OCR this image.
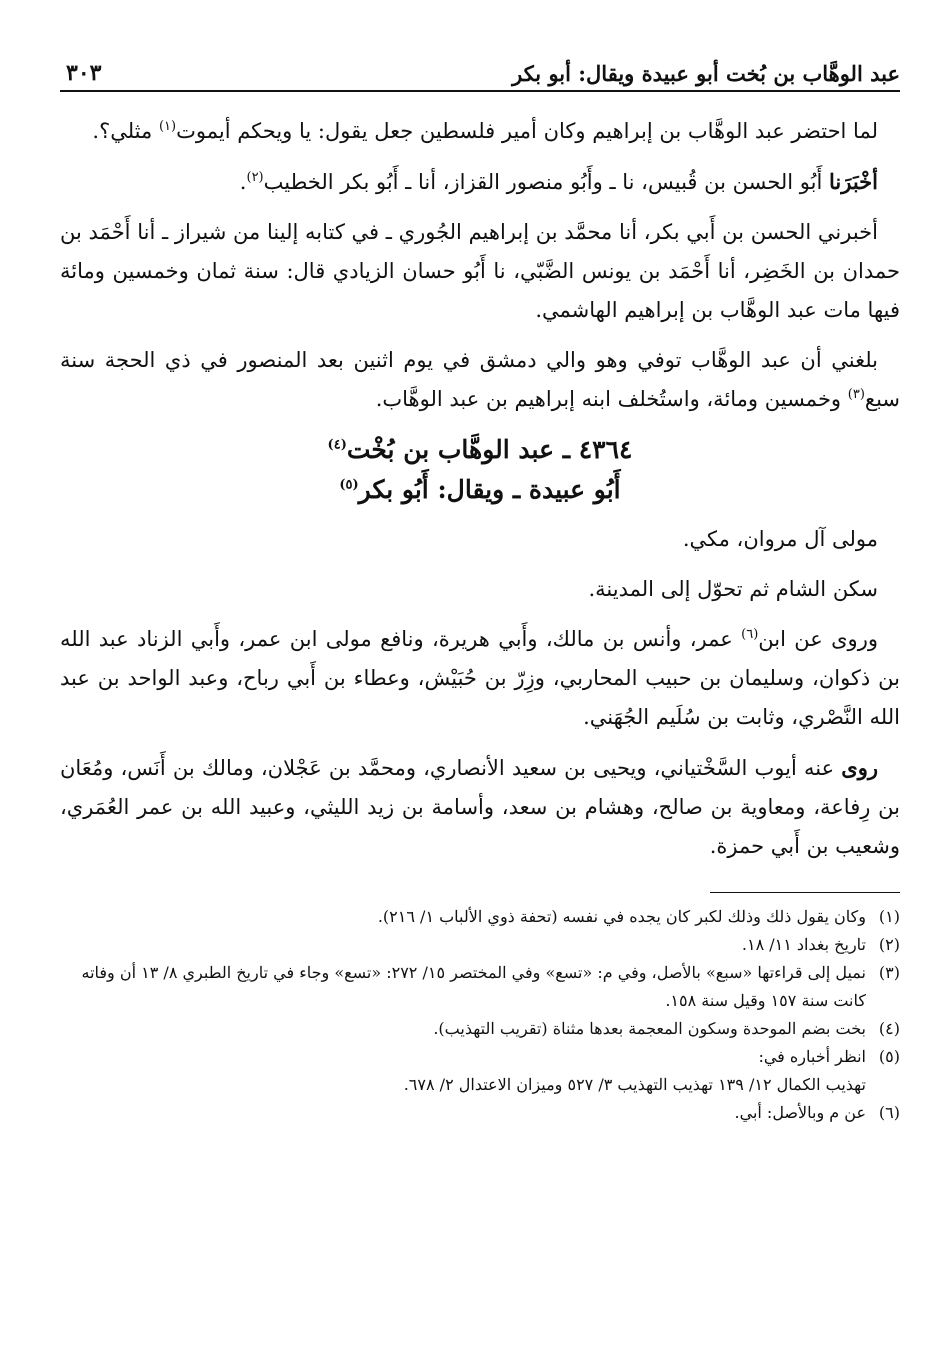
عبد الوهَّاب بن بُخت أبو عبيدة ويقال: أبو بكر
٣٠٣

لما احتضر عبد الوهَّاب بن إبراهيم وكان أمير فلسطين جعل يقول: يا ويحكم أيموت$^{(١)}$ مثلي؟.

أخْبَرَنا أَبُو الحسن بن قُبيس، نا ـ وأَبُو منصور القزاز، أنا ـ أَبُو بكر الخطيب$^{(٢)}$.

أخبرني الحسن بن أَبي بكر، أنا محمَّد بن إبراهيم الجُوري ـ في كتابه إلينا من شيراز ـ أنا أَحْمَد بن حمدان بن الخَضِر، أنا أَحْمَد بن يونس الضَّبّي، نا أَبُو حسان الزيادي قال: سنة ثمان وخمسين ومائة فيها مات عبد الوهَّاب بن إبراهيم الهاشمي.

بلغني أن عبد الوهَّاب توفي وهو والي دمشق في يوم اثنين بعد المنصور في ذي الحجة سنة سبع$^{(٣)}$ وخمسين ومائة، واستُخلف ابنه إبراهيم بن عبد الوهَّاب.

٤٣٦٤ ـ عبد الوهَّاب بن بُخْت$^{(٤)}$
أَبُو عبيدة ـ ويقال: أَبُو بكر$^{(٥)}$

مولى آل مروان، مكي.

سكن الشام ثم تحوّل إلى المدينة.

وروى عن ابن$^{(٦)}$ عمر، وأنس بن مالك، وأَبي هريرة، ونافع مولى ابن عمر، وأَبي الزناد عبد الله بن ذكوان، وسليمان بن حبيب المحاربي، وزِرّ بن حُبَيْش، وعطاء بن أَبي رباح، وعبد الواحد بن عبد الله النَّصْري، وثابت بن سُلَيم الجُهَني.

روى عنه أيوب السَّخْتياني، ويحيى بن سعيد الأنصاري، ومحمَّد بن عَجْلان، ومالك بن أَنَس، ومُعَان بن رِفاعة، ومعاوية بن صالح، وهشام بن سعد، وأسامة بن زيد الليثي، وعبيد الله بن عمر العُمَري، وشعيب بن أَبي حمزة.

(١)
وكان يقول ذلك وذلك لكبر كان يجده في نفسه (تحفة ذوي الألباب ١/ ٢١٦).
(٢)
تاريخ بغداد ١١/ ١٨.
(٣)
نميل إلى قراءتها «سبع» بالأصل، وفي م: «تسع» وفي المختصر ١٥/ ٢٧٢: «تسع» وجاء في تاريخ الطبري ٨/ ١٣ أن وفاته كانت سنة ١٥٧ وقيل سنة ١٥٨.
(٤)
بخت بضم الموحدة وسكون المعجمة بعدها مثناة (تقريب التهذيب).
(٥)
انظر أخباره في:
تهذيب الكمال ١٢/ ١٣٩ تهذيب التهذيب ٣/ ٥٢٧ وميزان الاعتدال ٢/ ٦٧٨.
(٦)
عن م وبالأصل: أبي.
